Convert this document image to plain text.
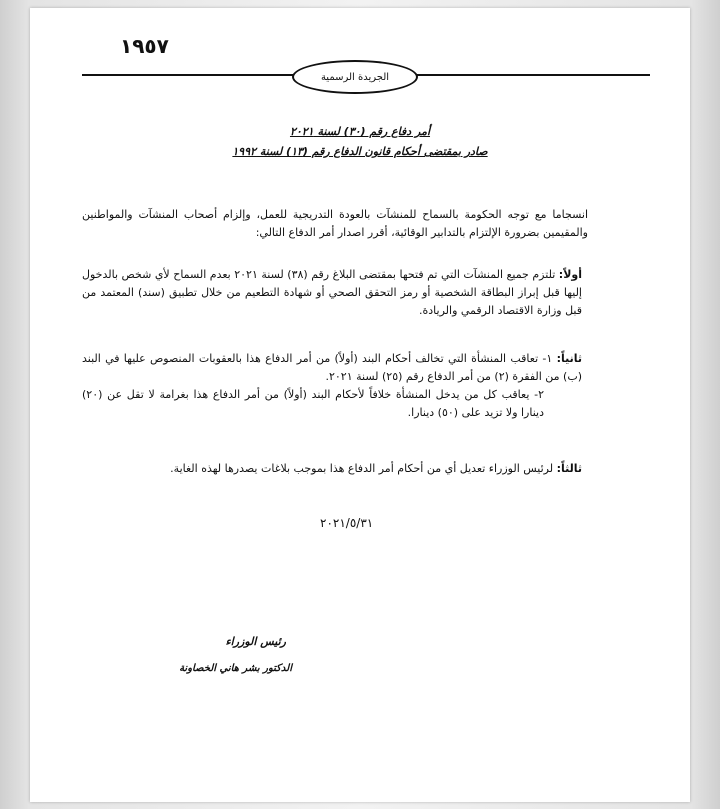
١٩٥٧
الجريدة الرسمية
أمر دفاع رقم (٣٠) لسنة ٢٠٢١
صادر بمقتضى أحكام قانون الدفاع رقم (١٣) لسنة ١٩٩٢
انسجاما مع توجه الحكومة بالسماح للمنشآت بالعودة التدريجية للعمل، وإلزام أصحاب المنشآت والمواطنين والمقيمين بضرورة الإلتزام بالتدابير الوقائية، أقرر اصدار أمر الدفاع التالي:
أولاً: تلتزم جميع المنشآت التي تم فتحها بمقتضى البلاغ رقم (٣٨) لسنة ٢٠٢١ بعدم السماح لأي شخص بالدخول إليها قبل إبراز البطاقة الشخصية أو رمز التحقق الصحي أو شهادة التطعيم من خلال تطبيق (سند) المعتمد من قبل وزارة الاقتصاد الرقمي والريادة.
ثانياً: ١- تعاقب المنشأة التي تخالف أحكام البند (أولاً) من أمر الدفاع هذا بالعقوبات المنصوص عليها في البند (ب) من الفقرة (٢) من أمر الدفاع رقم (٢٥) لسنة ٢٠٢١.
٢- يعاقب كل من يدخل المنشأة خلافاً لأحكام البند (أولاً) من أمر الدفاع هذا بغرامة لا تقل عن (٢٠) دينارا ولا تزيد على (٥٠) دينارا.
ثالثاً: لرئيس الوزراء تعديل أي من أحكام أمر الدفاع هذا بموجب بلاغات يصدرها لهذه الغاية.
٢٠٢١/٥/٣١
رئيس الوزراء
الدكتور بشر هاني الخصاونة
